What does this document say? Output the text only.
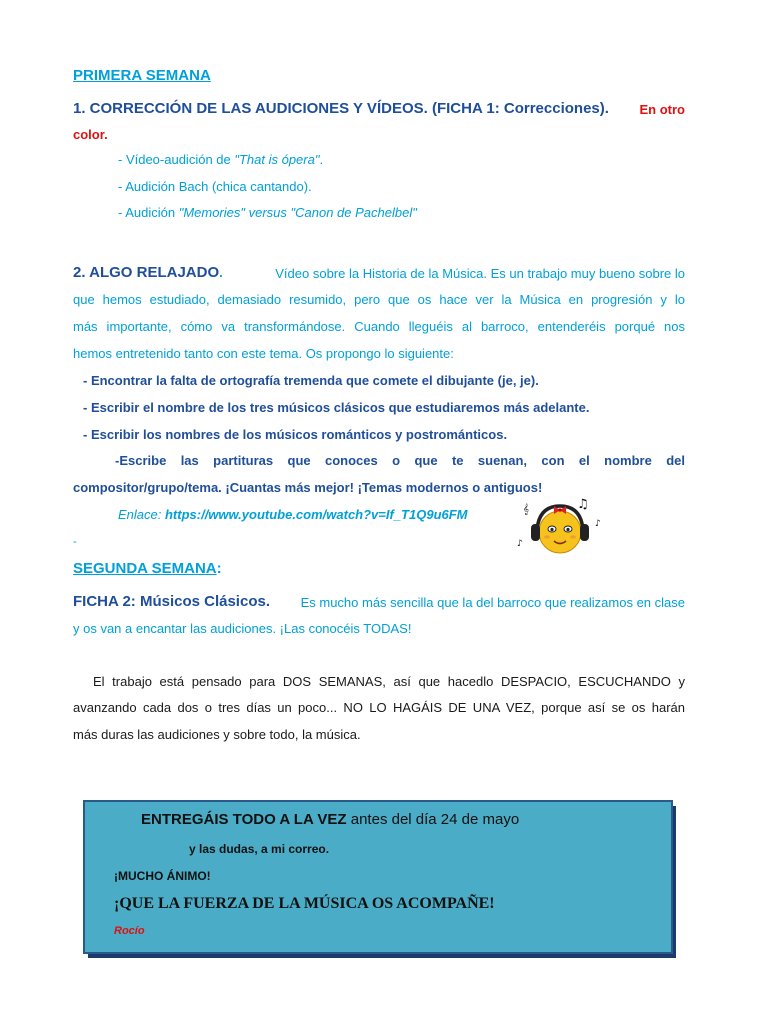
PRIMERA SEMANA
1. CORRECCIÓN DE LAS AUDICIONES Y VÍDEOS. (FICHA 1: Correcciones). En otro
color.
- Vídeo-audición de "That is ópera".
- Audición Bach (chica cantando).
- Audición "Memories" versus "Canon de Pachelbel"
2. ALGO RELAJADO.	Vídeo sobre la Historia de la Música. Es un trabajo muy bueno sobre lo
que hemos estudiado, demasiado resumido, pero que os hace ver la Música en progresión y lo
más importante, cómo va transformándose. Cuando lleguéis al barroco, entenderéis porqué nos
hemos entretenido tanto con este tema. Os propongo lo siguiente:
- Encontrar la falta de ortografía tremenda que comete el dibujante (je, je).
- Escribir el nombre de los tres músicos clásicos que estudiaremos más adelante.
- Escribir los nombres de los músicos románticos y postrománticos.
-Escribe las partituras que conoces o que te suenan, con el nombre del
compositor/grupo/tema. ¡Cuantas más mejor! ¡Temas modernos o antiguos!
Enlace: https://www.youtube.com/watch?v=If_T1Q9u6FM
-
SEGUNDA SEMANA:
FICHA 2: Músicos Clásicos. Es mucho más sencilla que la del barroco que realizamos en clase
y os van a encantar las audiciones. ¡Las conocéis TODAS!
El trabajo está pensado para DOS SEMANAS, así que hacedlo DESPACIO, ESCUCHANDO y
avanzando cada dos o tres días un poco... NO LO HAGÁIS DE UNA VEZ, porque así se os harán
más duras las audiciones y sobre todo, la música.
♫
𝄞
♪
♪
ENTREGÁIS TODO A LA VEZ antes del día 24 de mayo
y las dudas, a mi correo.
¡MUCHO ÁNIMO!
¡QUE LA FUERZA DE LA MÚSICA OS ACOMPAÑE!
Rocío
